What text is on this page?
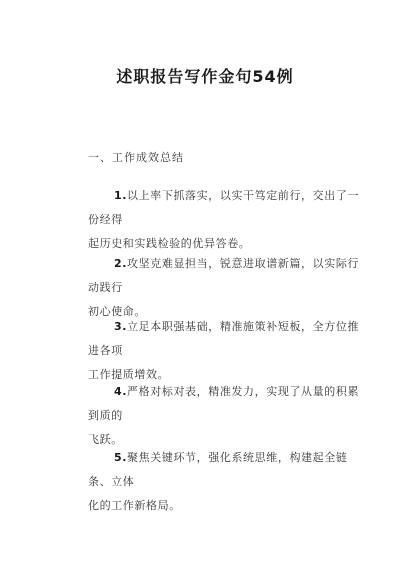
述职报告写作金句54例
一、工作成效总结
1.以上率下抓落实，以实干笃定前行，交出了一份经得
起历史和实践检验的优异答卷。
2.攻坚克难显担当，锐意进取谱新篇，以实际行动践行
初心使命。
3.立足本职强基础，精准施策补短板，全方位推进各项
工作提质增效。
4.严格对标对表，精准发力，实现了从量的积累到质的
飞跃。
5.聚焦关键环节，强化系统思维，构建起全链条、立体
化的工作新格局。
